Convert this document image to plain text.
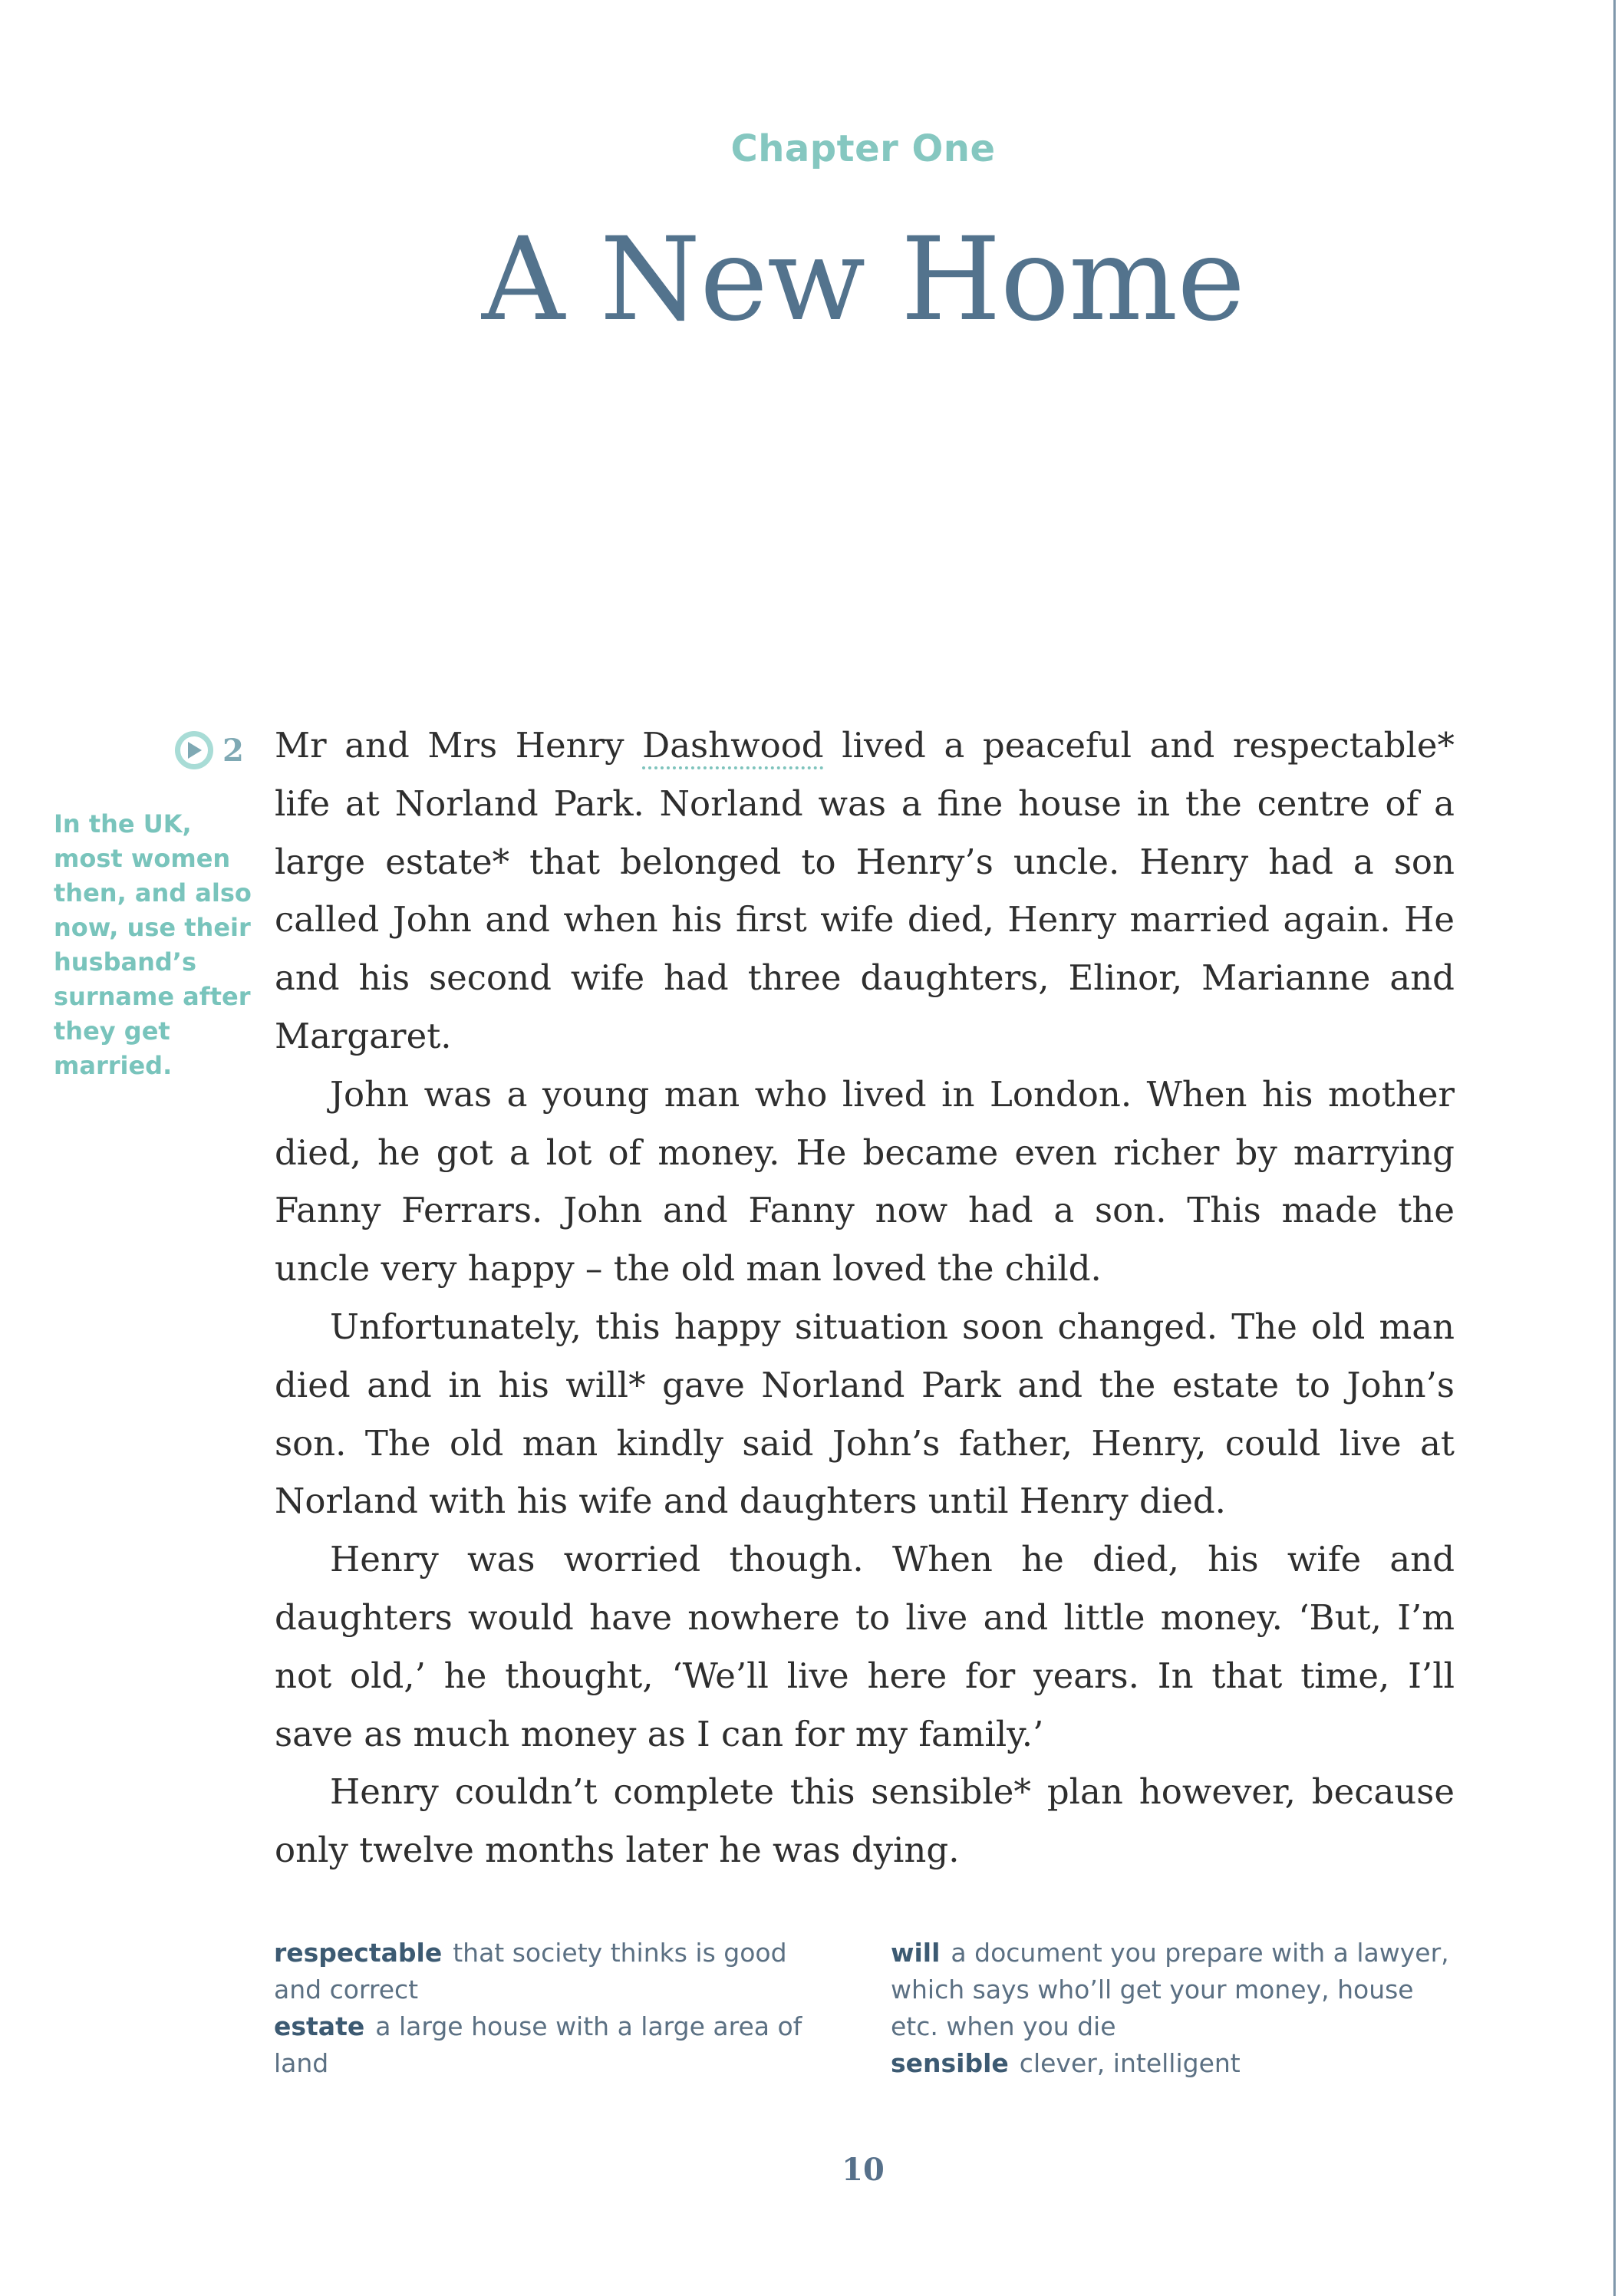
Chapter One
A New Home
2
In the UK, most women then, and also now, use their husband’s surname after they get married.

Mr and Mrs Henry Dashwood lived a peaceful and respectable* life at Norland Park. Norland was a fine house in the centre of a large estate* that belonged to Henry’s uncle. Henry had a son called John and when his first wife died, Henry married again. He and his second wife had three daughters, Elinor, Marianne and Margaret.

John was a young man who lived in London. When his mother died, he got a lot of money. He became even richer by marrying Fanny Ferrars. John and Fanny now had a son. This made the uncle very happy – the old man loved the child.

Unfortunately, this happy situation soon changed. The old man died and in his will* gave Norland Park and the estate to John’s son. The old man kindly said John’s father, Henry, could live at Norland with his wife and daughters until Henry died.

Henry was worried though. When he died, his wife and daughters would have nowhere to live and little money. ‘But, I’m not old,’ he thought, ‘We’ll live here for years. In that time, I’ll save as much money as I can for my family.’

Henry couldn’t complete this sensible* plan however, because only twelve months later he was dying.

respectable that society thinks is good and correct

estate a large house with a large area of land

will a document you prepare with a lawyer, which says who’ll get your money, house etc. when you die

sensible clever, intelligent

10
